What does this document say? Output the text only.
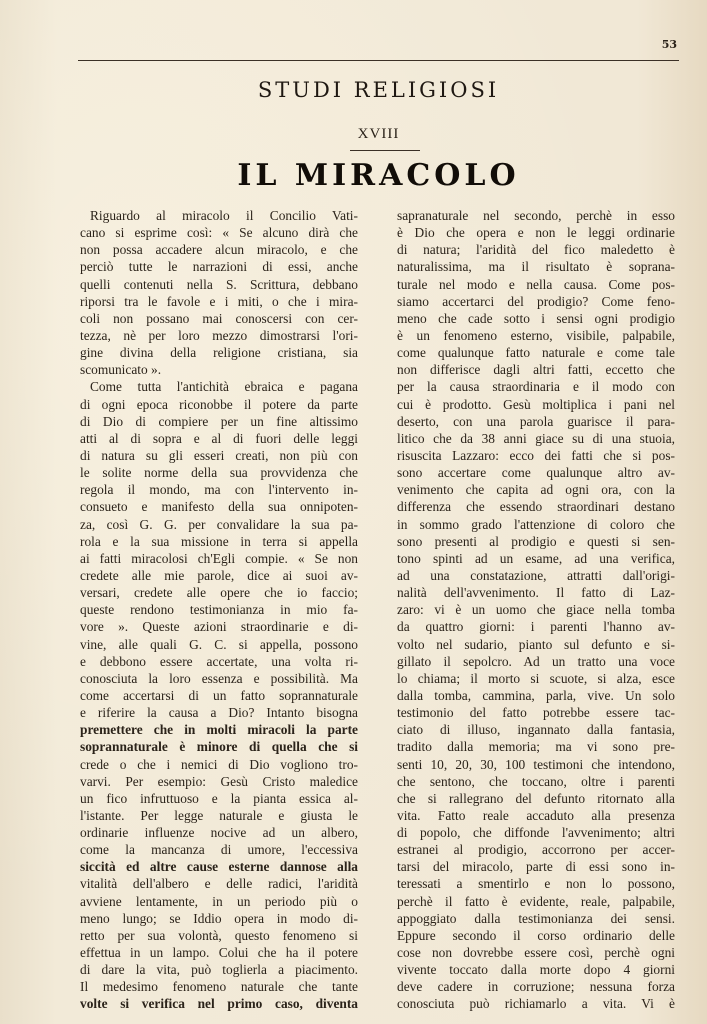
53
STUDI RELIGIOSI
XVIII
IL MIRACOLO
Riguardo al miracolo il Concilio Vati-
cano si esprime così: « Se alcuno dirà che
non possa accadere alcun miracolo, e che
perciò tutte le narrazioni di essi, anche
quelli contenuti nella S. Scrittura, debbano
riporsi tra le favole e i miti, o che i mira-
coli non possano mai conoscersi con cer-
tezza, nè per loro mezzo dimostrarsi l'ori-
gine divina della religione cristiana, sia
scomunicato ».
Come tutta l'antichità ebraica e pagana
di ogni epoca riconobbe il potere da parte
di Dio di compiere per un fine altissimo
atti al di sopra e al di fuori delle leggi
di natura su gli esseri creati, non più con
le solite norme della sua provvidenza che
regola il mondo, ma con l'intervento in-
consueto e manifesto della sua onnipoten-
za, così G. G. per convalidare la sua pa-
rola e la sua missione in terra si appella
ai fatti miracolosi ch'Egli compie. « Se non
credete alle mie parole, dice ai suoi av-
versari, credete alle opere che io faccio;
queste rendono testimonianza in mio fa-
vore ». Queste azioni straordinarie e di-
vine, alle quali G. C. si appella, possono
e debbono essere accertate, una volta ri-
conosciuta la loro essenza e possibilità. Ma
come accertarsi di un fatto soprannaturale
e riferire la causa a Dio? Intanto bisogna
premettere che in molti miracoli la parte
soprannaturale è minore di quella che si
crede o che i nemici di Dio vogliono tro-
varvi. Per esempio: Gesù Cristo maledice
un fico infruttuoso e la pianta essica al-
l'istante. Per legge naturale e giusta le
ordinarie influenze nocive ad un albero,
come la mancanza di umore, l'eccessiva
siccità ed altre cause esterne dannose alla
vitalità dell'albero e delle radici, l'aridità
avviene lentamente, in un periodo più o
meno lungo; se Iddio opera in modo di-
retto per sua volontà, questo fenomeno si
effettua in un lampo. Colui che ha il potere
di dare la vita, può toglierla a piacimento.
Il medesimo fenomeno naturale che tante
volte si verifica nel primo caso, diventa
sapranaturale nel secondo, perchè in esso
è Dio che opera e non le leggi ordinarie
di natura; l'aridità del fico maledetto è
naturalissima, ma il risultato è soprana-
turale nel modo e nella causa. Come pos-
siamo accertarci del prodigio? Come feno-
meno che cade sotto i sensi ogni prodigio
è un fenomeno esterno, visibile, palpabile,
come qualunque fatto naturale e come tale
non differisce dagli altri fatti, eccetto che
per la causa straordinaria e il modo con
cui è prodotto. Gesù moltiplica i pani nel
deserto, con una parola guarisce il para-
litico che da 38 anni giace su di una stuoia,
risuscita Lazzaro: ecco dei fatti che si pos-
sono accertare come qualunque altro av-
venimento che capita ad ogni ora, con la
differenza che essendo straordinari destano
in sommo grado l'attenzione di coloro che
sono presenti al prodigio e questi si sen-
tono spinti ad un esame, ad una verifica,
ad una constatazione, attratti dall'origi-
nalità dell'avvenimento. Il fatto di Laz-
zaro: vi è un uomo che giace nella tomba
da quattro giorni: i parenti l'hanno av-
volto nel sudario, pianto sul defunto e si-
gillato il sepolcro. Ad un tratto una voce
lo chiama; il morto si scuote, si alza, esce
dalla tomba, cammina, parla, vive. Un solo
testimonio del fatto potrebbe essere tac-
ciato di illuso, ingannato dalla fantasia,
tradito dalla memoria; ma vi sono pre-
senti 10, 20, 30, 100 testimoni che intendono,
che sentono, che toccano, oltre i parenti
che si rallegrano del defunto ritornato alla
vita. Fatto reale accaduto alla presenza
di popolo, che diffonde l'avvenimento; altri
estranei al prodigio, accorrono per accer-
tarsi del miracolo, parte di essi sono in-
teressati a smentirlo e non lo possono,
perchè il fatto è evidente, reale, palpabile,
appoggiato dalla testimonianza dei sensi.
Eppure secondo il corso ordinario delle
cose non dovrebbe essere così, perchè ogni
vivente toccato dalla morte dopo 4 giorni
deve cadere in corruzione; nessuna forza
conosciuta può richiamarlo a vita. Vi è
